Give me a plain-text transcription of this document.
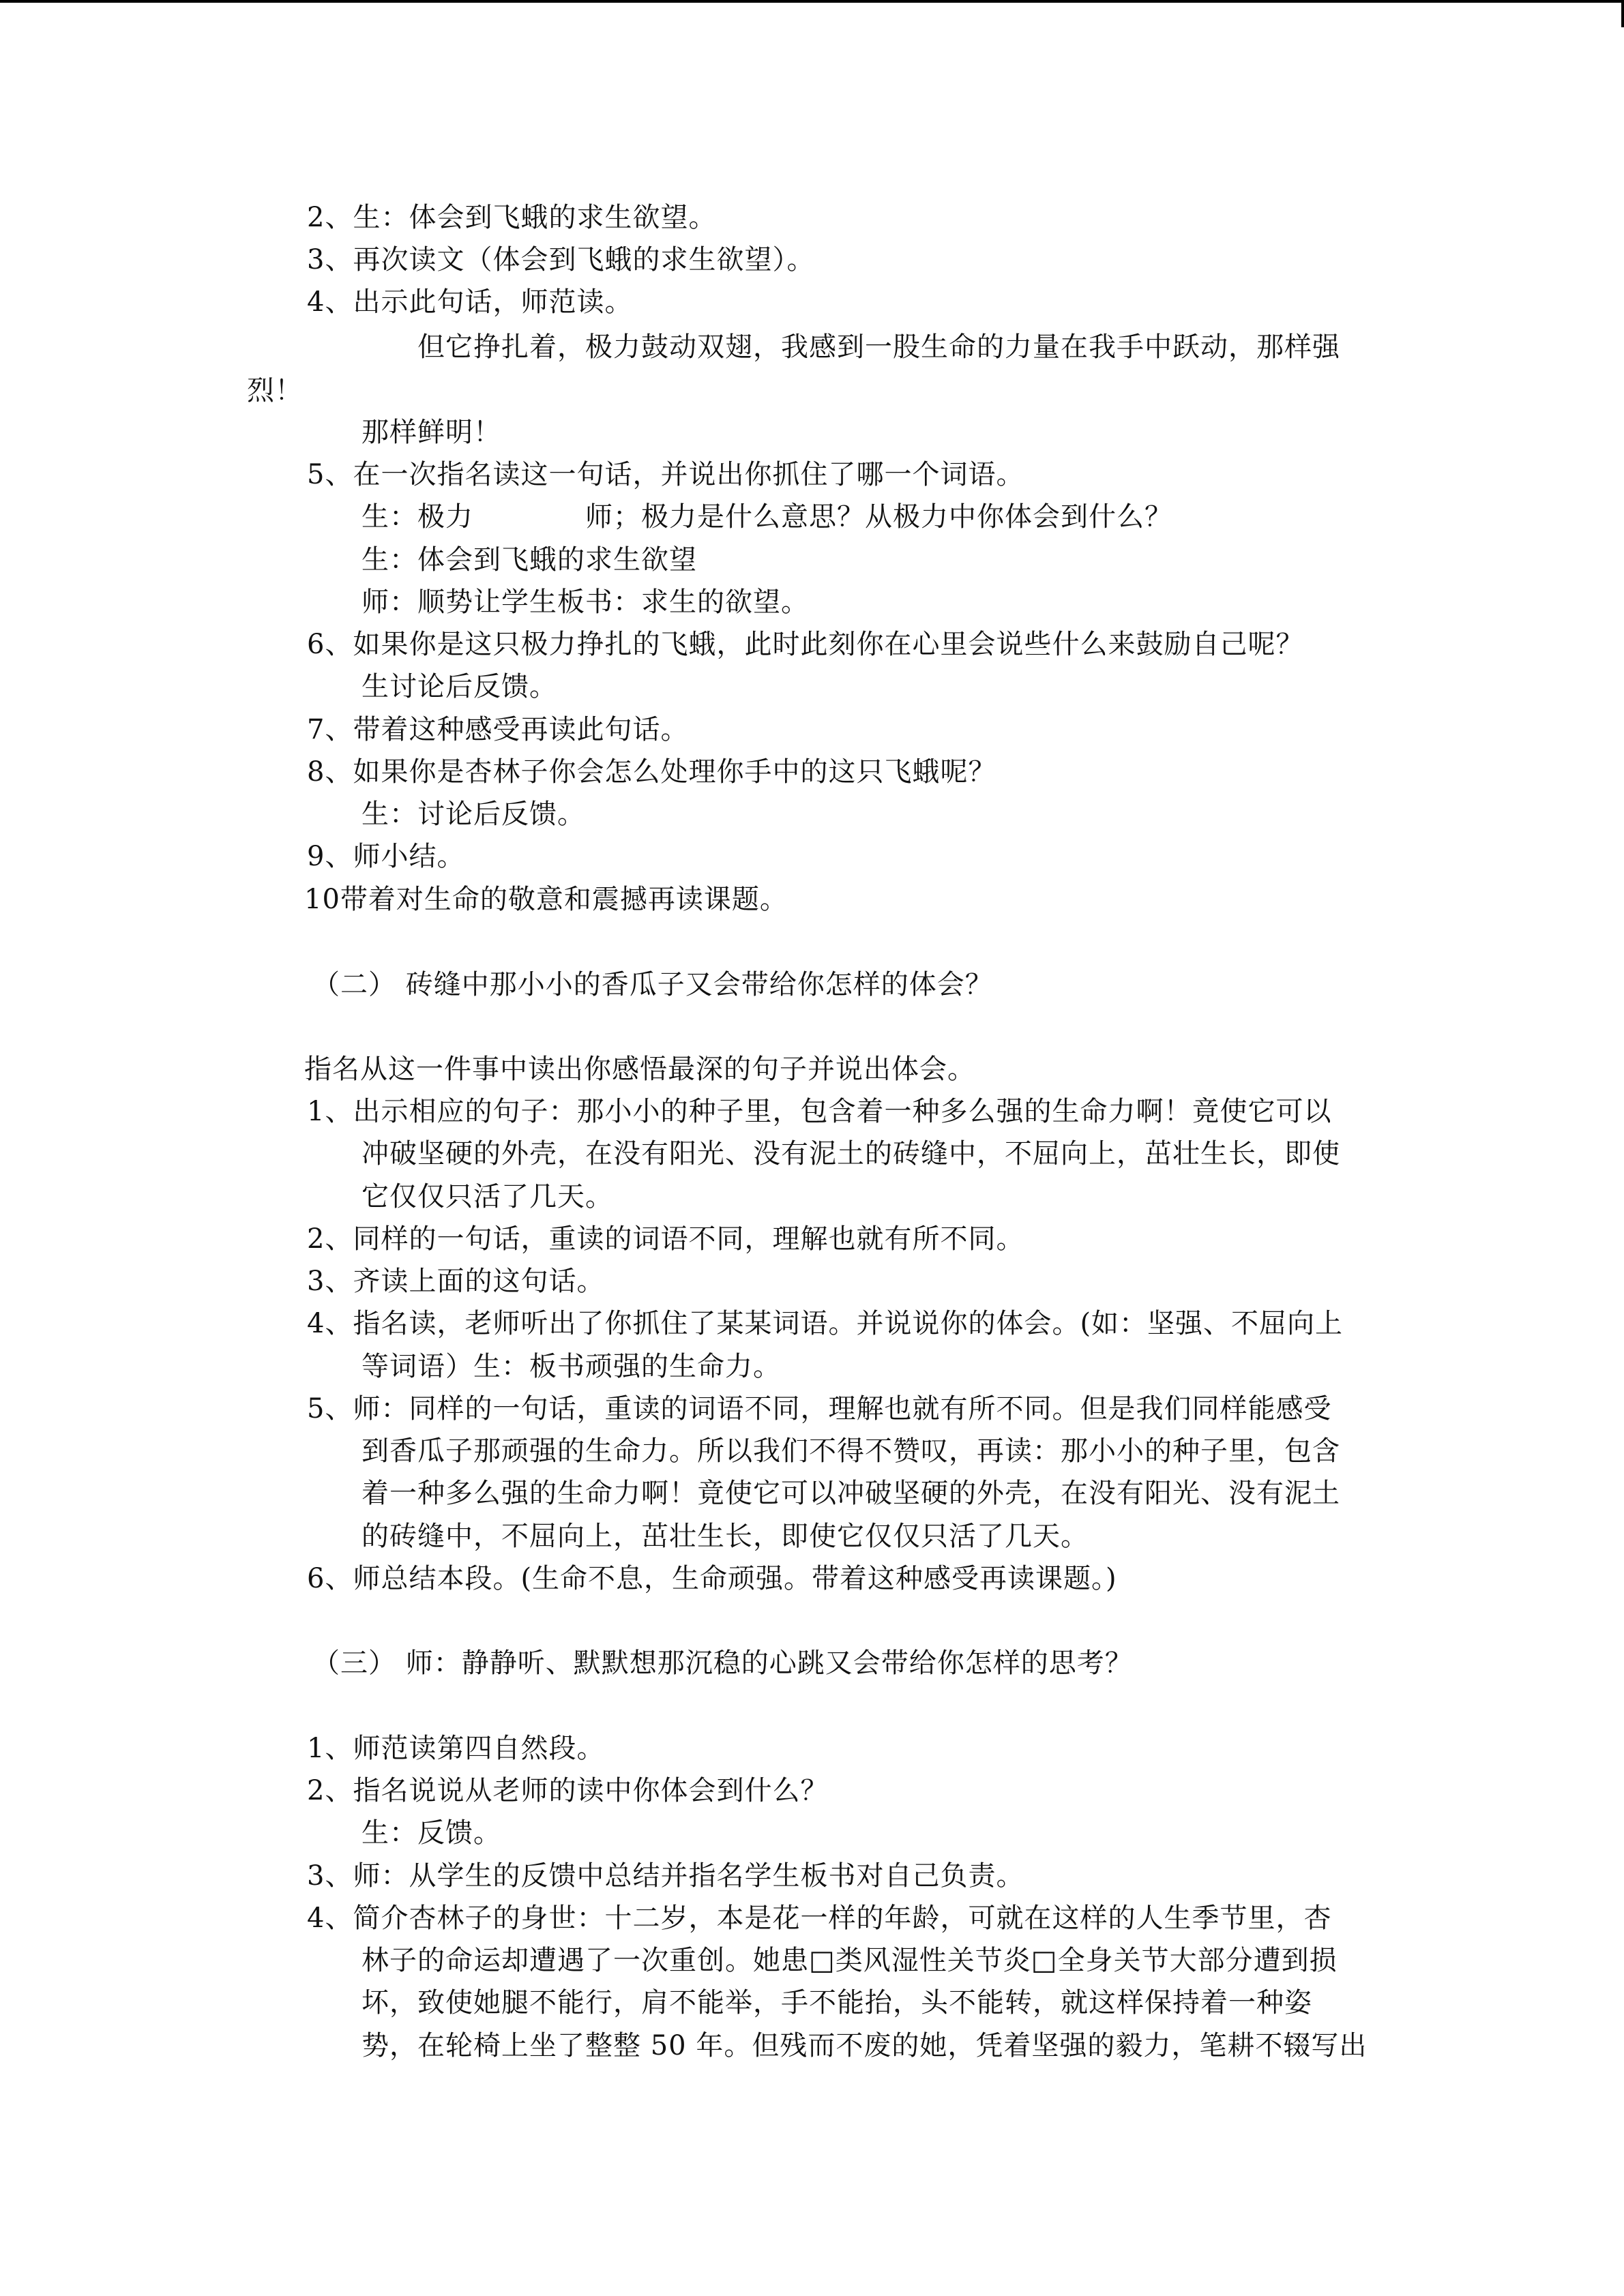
2、生：体会到飞蛾的求生欲望。
3、再次读文（体会到飞蛾的求生欲望）。
4、出示此句话，师范读。
但它挣扎着，极力鼓动双翅，我感到一股生命的力量在我手中跃动，那样强
烈！
那样鲜明！
5、在一次指名读这一句话，并说出你抓住了哪一个词语。
生：极力　　　　师；极力是什么意思？从极力中你体会到什么？
生：体会到飞蛾的求生欲望
师：顺势让学生板书：求生的欲望。
6、如果你是这只极力挣扎的飞蛾，此时此刻你在心里会说些什么来鼓励自己呢？
生讨论后反馈。
7、带着这种感受再读此句话。
8、如果你是杏林子你会怎么处理你手中的这只飞蛾呢？
生：讨论后反馈。
9、师小结。
10带着对生命的敬意和震撼再读课题。
（二） 砖缝中那小小的香瓜子又会带给你怎样的体会？
指名从这一件事中读出你感悟最深的句子并说出体会。
1、出示相应的句子：那小小的种子里，包含着一种多么强的生命力啊！竟使它可以
冲破坚硬的外壳，在没有阳光、没有泥土的砖缝中，不屈向上，茁壮生长，即使
它仅仅只活了几天。
2、同样的一句话，重读的词语不同，理解也就有所不同。
3、齐读上面的这句话。
4、指名读，老师听出了你抓住了某某词语。并说说你的体会。(如：坚强、不屈向上
等词语）生：板书顽强的生命力。
5、师：同样的一句话，重读的词语不同，理解也就有所不同。但是我们同样能感受
到香瓜子那顽强的生命力。所以我们不得不赞叹，再读：那小小的种子里，包含
着一种多么强的生命力啊！竟使它可以冲破坚硬的外壳，在没有阳光、没有泥土
的砖缝中，不屈向上，茁壮生长，即使它仅仅只活了几天。
6、师总结本段。(生命不息，生命顽强。带着这种感受再读课题。)
（三） 师：静静听、默默想那沉稳的心跳又会带给你怎样的思考？
1、师范读第四自然段。
2、指名说说从老师的读中你体会到什么？
生：反馈。
3、师：从学生的反馈中总结并指名学生板书对自己负责。
4、简介杏林子的身世：十二岁，本是花一样的年龄，可就在这样的人生季节里，杏
林子的命运却遭遇了一次重创。她患□类风湿性关节炎□全身关节大部分遭到损
坏，致使她腿不能行，肩不能举，手不能抬，头不能转，就这样保持着一种姿
势，在轮椅上坐了整整 50 年。但残而不废的她，凭着坚强的毅力，笔耕不辍写出
